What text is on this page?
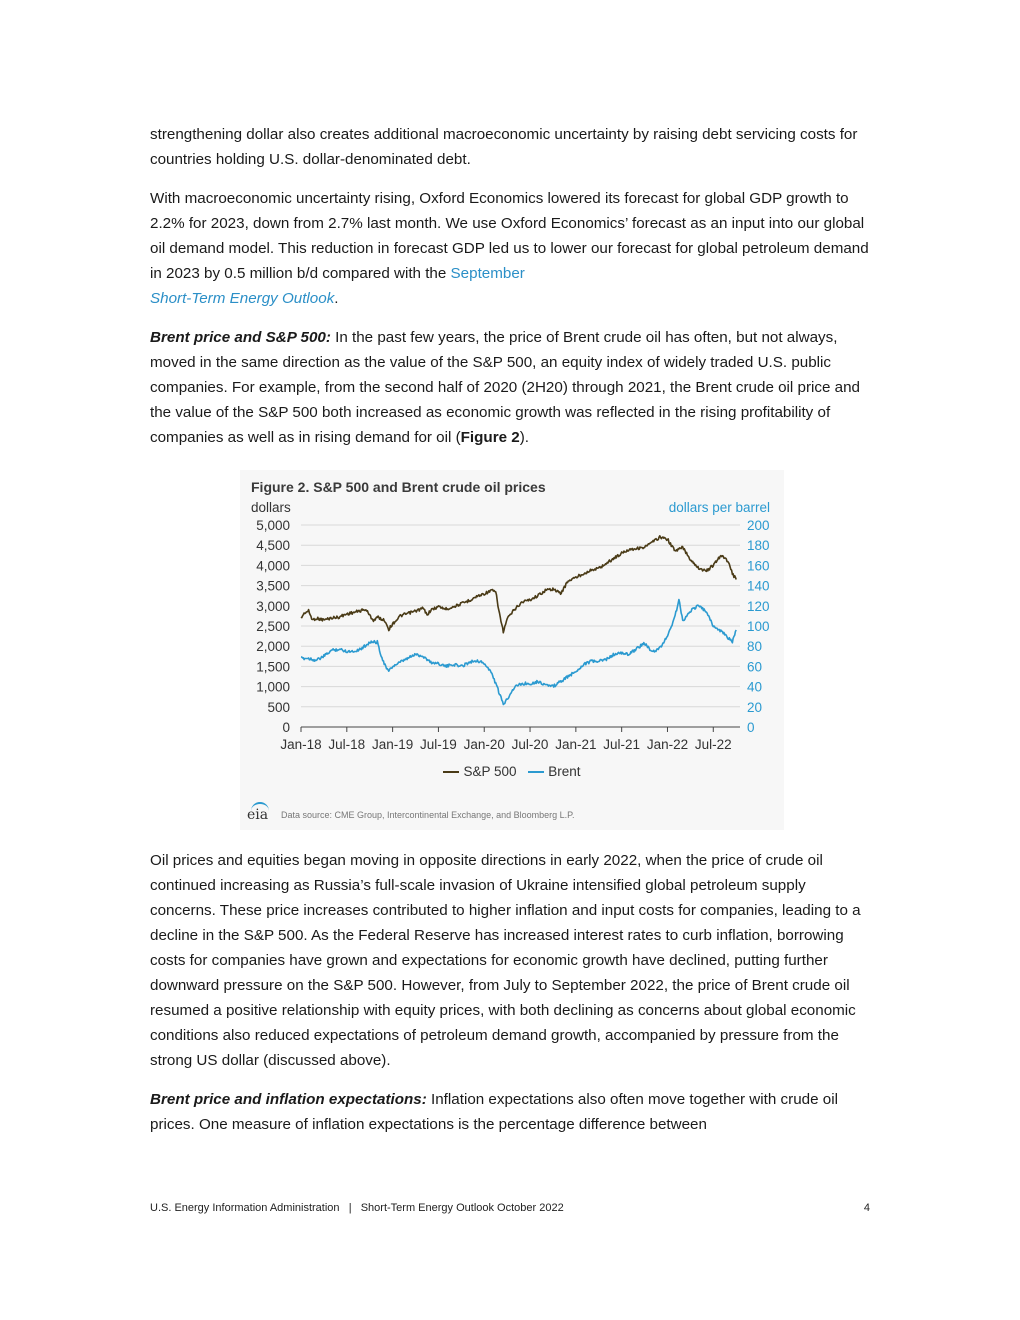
strengthening dollar also creates additional macroeconomic uncertainty by raising debt servicing costs for countries holding U.S. dollar-denominated debt.

With macroeconomic uncertainty rising, Oxford Economics lowered its forecast for global GDP growth to 2.2% for 2023, down from 2.7% last month. We use Oxford Economics’ forecast as an input into our global oil demand model. This reduction in forecast GDP led us to lower our forecast for global petroleum demand in 2023 by 0.5 million b/d compared with the September
Short-Term Energy Outlook.

Brent price and S&P 500: In the past few years, the price of Brent crude oil has often, but not always, moved in the same direction as the value of the S&P 500, an equity index of widely traded U.S. public companies. For example, from the second half of 2020 (2H20) through 2021, the Brent crude oil price and the value of the S&P 500 both increased as economic growth was reflected in the rising profitability of companies as well as in rising demand for oil (Figure 2).

Figure 2. S&P 500 and Brent crude oil prices
dollars	dollars per barrel
5,000	200
4,500	180
4,000	160
3,500	140
3,000	120
2,500	100
2,000	80
1,500	60
1,000	40
500	20
0	0
Jan-18 Jul-18 Jan-19 Jul-19 Jan-20 Jul-20 Jan-21 Jul-21 Jan-22 Jul-22
S&P 500 Brent
eia	Data source: CME Group, Intercontinental Exchange, and Bloomberg L.P.

Oil prices and equities began moving in opposite directions in early 2022, when the price of crude oil continued increasing as Russia’s full-scale invasion of Ukraine intensified global petroleum supply concerns. These price increases contributed to higher inflation and input costs for companies, leading to a decline in the S&P 500. As the Federal Reserve has increased interest rates to curb inflation, borrowing costs for companies have grown and expectations for economic growth have declined, putting further downward pressure on the S&P 500. However, from July to September 2022, the price of Brent crude oil resumed a positive relationship with equity prices, with both declining as concerns about global economic conditions also reduced expectations of petroleum demand growth, accompanied by pressure from the strong US dollar (discussed above).

Brent price and inflation expectations: Inflation expectations also often move together with crude oil prices. One measure of inflation expectations is the percentage difference between

U.S. Energy Information Administration   |   Short-Term Energy Outlook October 2022	4
